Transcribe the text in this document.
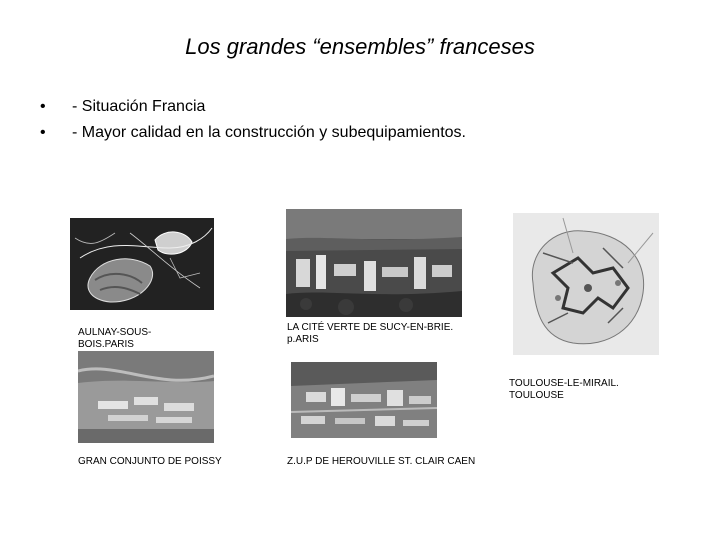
Los grandes “ensembles” franceses
• - Situación Francia
• - Mayor calidad en la construcción y subequipamientos.
AULNAY-SOUS-BOIS.PARIS
LA CITÉ VERTE DE SUCY-EN-BRIE.
p.ARIS
TOULOUSE-LE-MIRAIL.
TOULOUSE
GRAN CONJUNTO DE POISSY	Z.U.P DE HEROUVILLE ST. CLAIR CAEN
